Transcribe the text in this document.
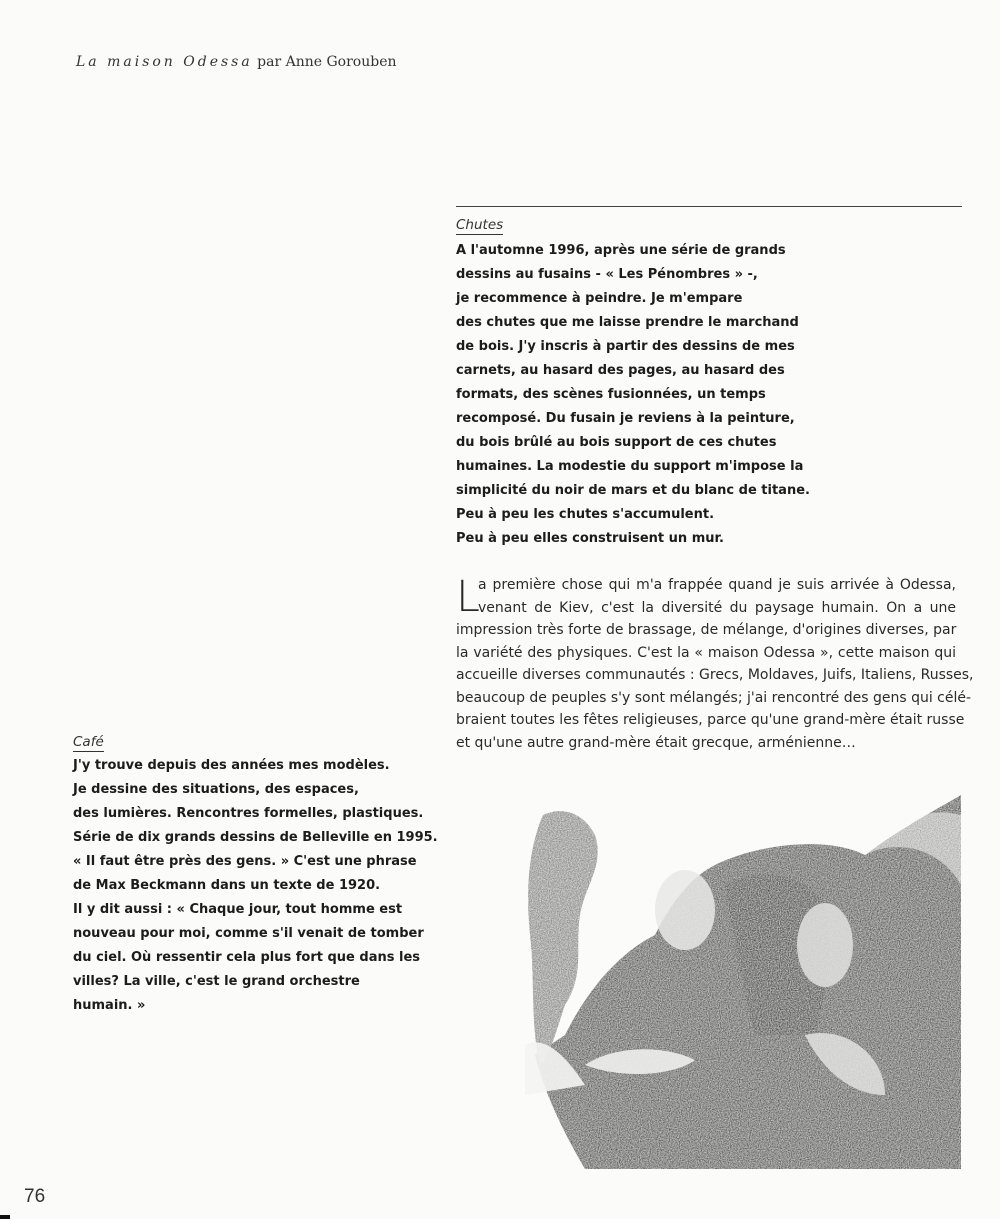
La maison Odessa par Anne Gorouben
Chutes
A l'automne 1996, après une série de grands
dessins au fusains - « Les Pénombres » -,
je recommence à peindre. Je m'empare
des chutes que me laisse prendre le marchand
de bois. J'y inscris à partir des dessins de mes
carnets, au hasard des pages, au hasard des
formats, des scènes fusionnées, un temps
recomposé. Du fusain je reviens à la peinture,
du bois brûlé au bois support de ces chutes
humaines. La modestie du support m'impose la
simplicité du noir de mars et du blanc de titane.
Peu à peu les chutes s'accumulent.
Peu à peu elles construisent un mur.
L
a première chose qui m'a frappée quand je suis arrivée à Odessa,
venant de Kiev, c'est la diversité du paysage humain. On a une
impression très forte de brassage, de mélange, d'origines diverses, par
la variété des physiques. C'est la « maison Odessa », cette maison qui
accueille diverses communautés : Grecs, Moldaves, Juifs, Italiens, Russes,
beaucoup de peuples s'y sont mélangés; j'ai rencontré des gens qui célé-
braient toutes les fêtes religieuses, parce qu'une grand-mère était russe
et qu'une autre grand-mère était grecque, arménienne…
Café
J'y trouve depuis des années mes modèles.
Je dessine des situations, des espaces,
des lumières. Rencontres formelles, plastiques.
Série de dix grands dessins de Belleville en 1995.
« Il faut être près des gens. » C'est une phrase
de Max Beckmann dans un texte de 1920.
Il y dit aussi : « Chaque jour, tout homme est
nouveau pour moi, comme s'il venait de tomber
du ciel. Où ressentir cela plus fort que dans les
villes? La ville, c'est le grand orchestre
humain. »
76
